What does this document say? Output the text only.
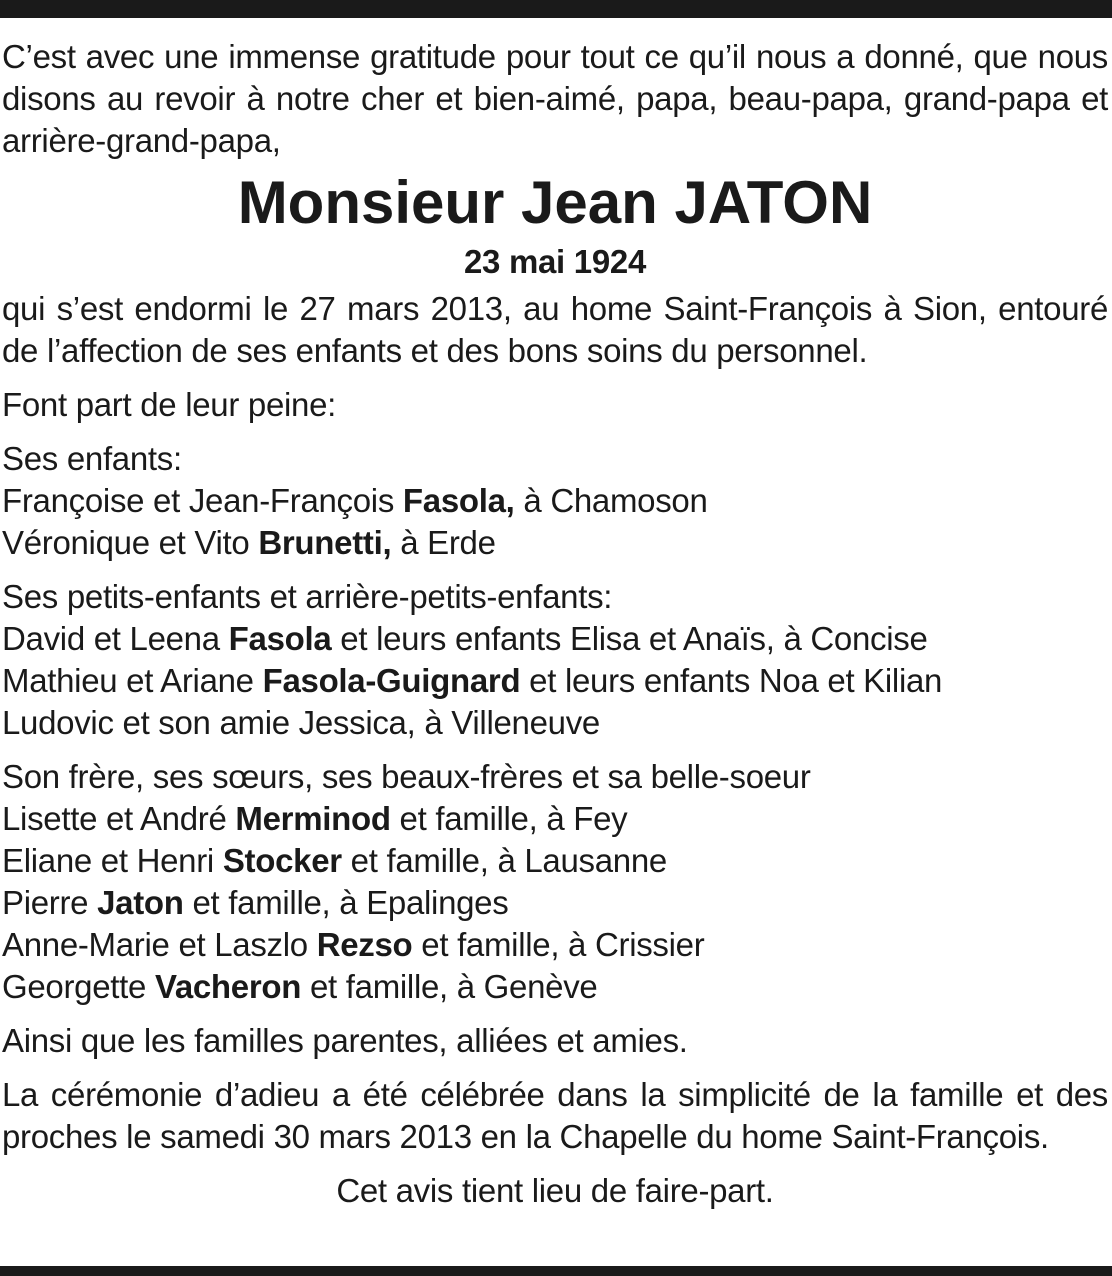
C’est avec une immense gratitude pour tout ce qu’il nous a donné, que nous disons au revoir à notre cher et bien-aimé, papa, beau-papa, grand-papa et arrière-grand-papa,
Monsieur Jean JATON
23 mai 1924
qui s’est endormi le 27 mars 2013, au home Saint-François à Sion, entouré de l’affection de ses enfants et des bons soins du personnel.
Font part de leur peine:
Ses enfants:
Françoise et Jean-François Fasola, à Chamoson
Véronique et Vito Brunetti, à Erde
Ses petits-enfants et arrière-petits-enfants:
David et Leena Fasola et leurs enfants Elisa et Anaïs, à Concise
Mathieu et Ariane Fasola-Guignard et leurs enfants Noa et Kilian
Ludovic et son amie Jessica, à Villeneuve
Son frère, ses sœurs, ses beaux-frères et sa belle-soeur
Lisette et André Merminod et famille, à Fey
Eliane et Henri Stocker et famille, à Lausanne
Pierre Jaton et famille, à Epalinges
Anne-Marie et Laszlo Rezso et famille, à Crissier
Georgette Vacheron et famille, à Genève
Ainsi que les familles parentes, alliées et amies.
La cérémonie d’adieu a été célébrée dans la simplicité de la famille et des proches le samedi 30 mars 2013 en la Chapelle du home Saint-François.
Cet avis tient lieu de faire-part.
